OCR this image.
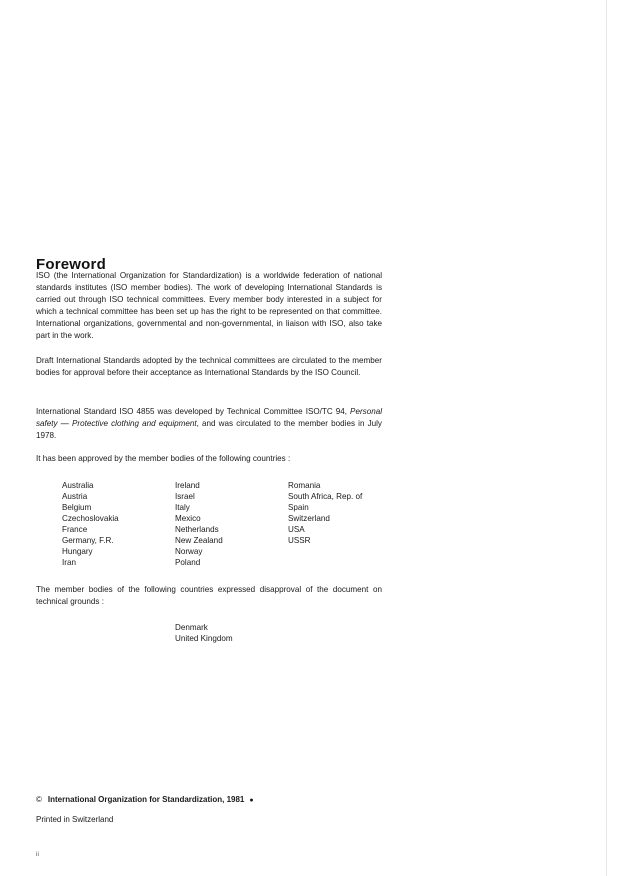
Foreword

ISO (the International Organization for Standardization) is a worldwide federation of national standards institutes (ISO member bodies). The work of developing International Standards is carried out through ISO technical committees. Every member body interested in a subject for which a technical committee has been set up has the right to be represented on that committee. International organizations, governmental and non-governmental, in liaison with ISO, also take part in the work.

Draft International Standards adopted by the technical committees are circulated to the member bodies for approval before their acceptance as International Standards by the ISO Council.

International Standard ISO 4855 was developed by Technical Committee ISO/TC 94, Personal safety — Protective clothing and equipment, and was circulated to the member bodies in July 1978.

It has been approved by the member bodies of the following countries :

Australia
Austria
Belgium
Czechoslovakia
France
Germany, F.R.
Hungary
Iran
Ireland
Israel
Italy
Mexico
Netherlands
New Zealand
Norway
Poland
Romania
South Africa, Rep. of
Spain
Switzerland
USA
USSR

The member bodies of the following countries expressed disapproval of the document on technical grounds :

Denmark
United Kingdom
© International Organization for Standardization, 1981 ●
Printed in Switzerland
ii
